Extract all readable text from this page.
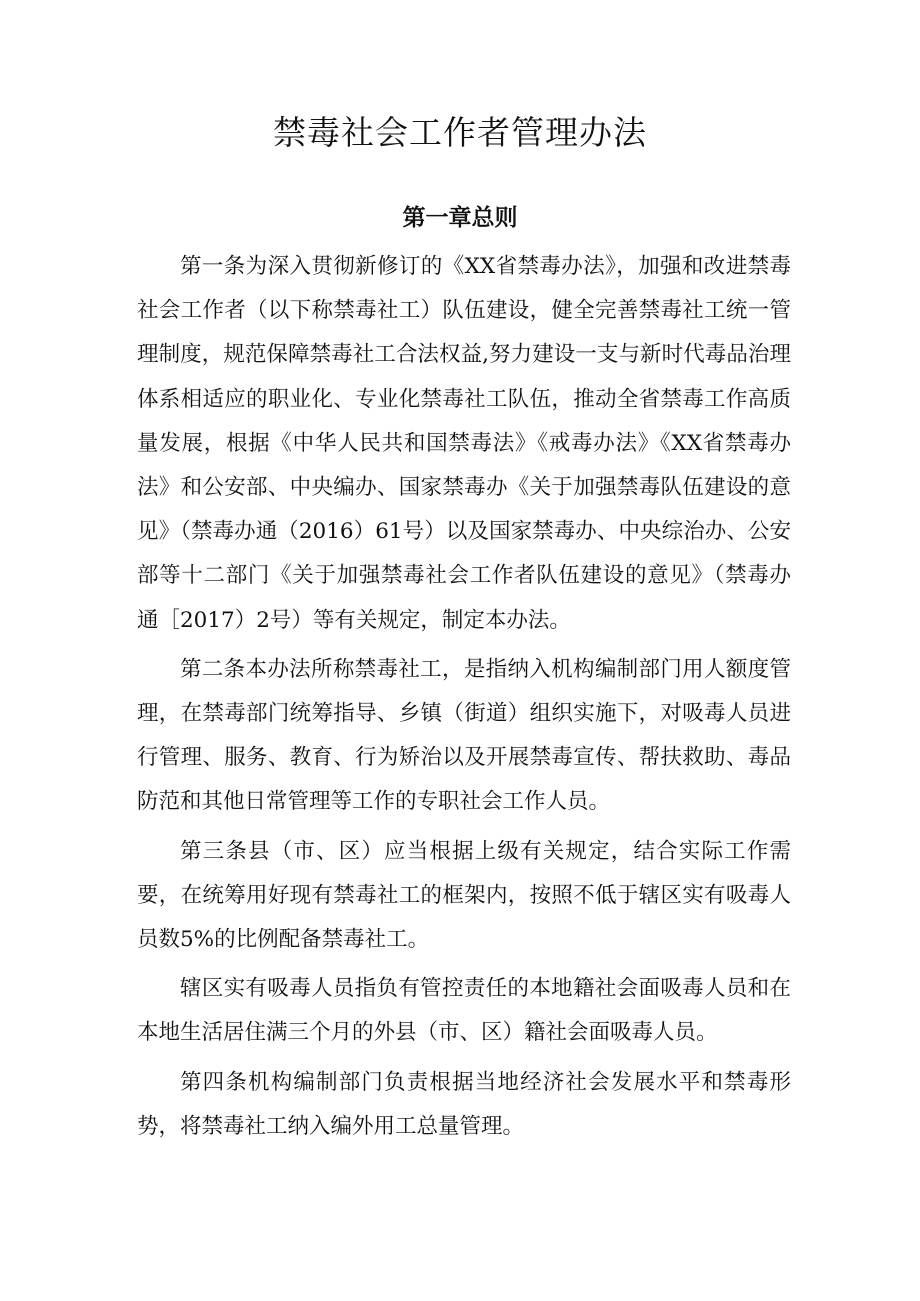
禁毒社会工作者管理办法
第一章总则

第一条为深入贯彻新修订的《XX省禁毒办法》，加强和改进禁毒社会工作者（以下称禁毒社工）队伍建设，健全完善禁毒社工统一管理制度，规范保障禁毒社工合法权益,努力建设一支与新时代毒品治理体系相适应的职业化、专业化禁毒社工队伍，推动全省禁毒工作高质量发展，根据《中华人民共和国禁毒法》《戒毒办法》《XX省禁毒办法》和公安部、中央编办、国家禁毒办《关于加强禁毒队伍建设的意见》（禁毒办通（2016）61号）以及国家禁毒办、中央综治办、公安部等十二部门《关于加强禁毒社会工作者队伍建设的意见》（禁毒办通［2017）2号）等有关规定，制定本办法。

第二条本办法所称禁毒社工，是指纳入机构编制部门用人额度管理，在禁毒部门统筹指导、乡镇（街道）组织实施下，对吸毒人员进行管理、服务、教育、行为矫治以及开展禁毒宣传、帮扶救助、毒品防范和其他日常管理等工作的专职社会工作人员。

第三条县（市、区）应当根据上级有关规定，结合实际工作需要，在统筹用好现有禁毒社工的框架内，按照不低于辖区实有吸毒人员数5%的比例配备禁毒社工。

辖区实有吸毒人员指负有管控责任的本地籍社会面吸毒人员和在本地生活居住满三个月的外县（市、区）籍社会面吸毒人员。

第四条机构编制部门负责根据当地经济社会发展水平和禁毒形势，将禁毒社工纳入编外用工总量管理。
